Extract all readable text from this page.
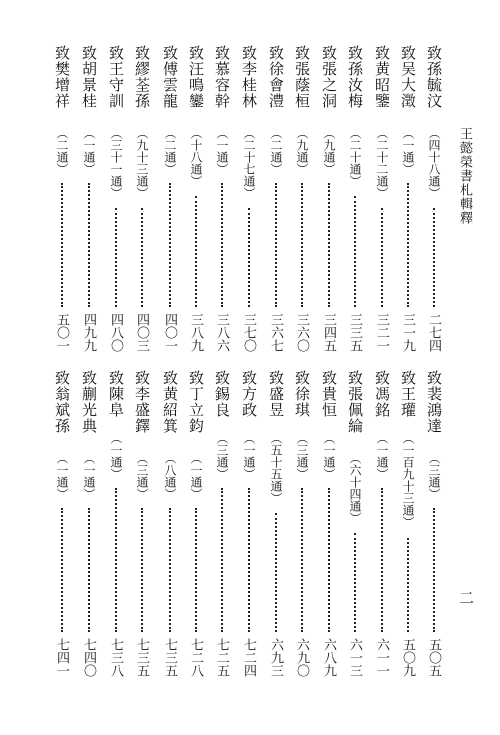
王懿榮書札輯釋
致孫毓汶
（四十八通）
二七四
致吴大澂
（一通）
三一九
致黄昭鑒
（二十二通）
三二一
致孫汝梅
（二十通）
三三五
致張之洞
（九通）
三四五
致張蔭桓
（九通）
三六〇
致徐會澧
（二通）
三六七
致李桂林
（二十七通）
三七〇
致慕容幹
（一通）
三八六
致汪鳴鑾
（十八通）
三八九
致傅雲龍
（二通）
四〇一
致繆荃孫
（九十三通）
四〇三
致王守訓
（三十一通）
四八〇
致胡景桂
（一通）
四九九
致樊增祥
（二通）
五〇一
致裴鴻達
（三通）
五〇五
致王瓘
（一百九十三通）
五〇九
致馮銘
（一通）
六一一
致張佩綸
（六十四通）
六一三
致貴恒
（一通）
六八九
致徐琪
（三通）
六九〇
致盛昱
（五十五通）
六九三
致方政
（一通）
七二四
致錫良
（三通）
七二五
致丁立鈞
（一通）
七二八
致黄紹箕
（八通）
七三五
致李盛鐸
（三通）
七三五
致陳阜
（一通）
七三八
致蒯光典
（一通）
七四〇
致翁斌孫
（一通）
七四一
二
